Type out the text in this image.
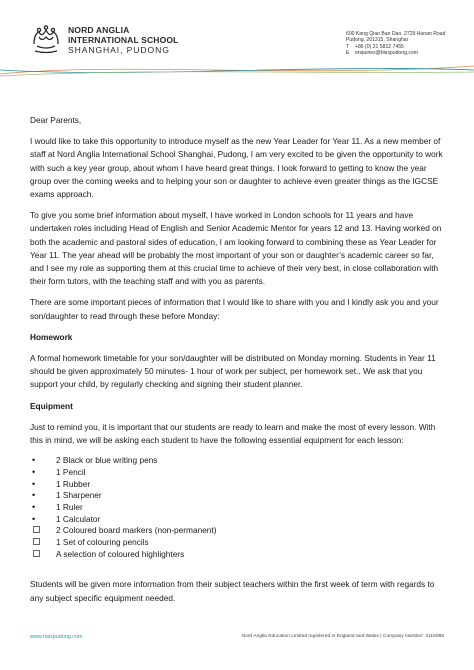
NORD ANGLIA
INTERNATIONAL SCHOOL
SHANGHAI, PUDONG
600 Kang Qiao Ban Dao, 2729 Hunan Road
Pudong, 201315, Shanghai
T +86 (0) 21 5812 7455
E enquiries@bisspudong.com

Dear Parents,

I would like to take this opportunity to introduce myself as the new Year Leader for Year 11. As a new member of staff at Nord Anglia International School Shanghai, Pudong, I am very excited to be given the opportunity to work with such a key year group, about whom I have heard great things. I look forward to getting to know the year group over the coming weeks and to helping your son or daughter to achieve even greater things as the IGCSE exams approach.

To give you some brief information about myself, I have worked in London schools for 11 years and have undertaken roles including Head of English and Senior Academic Mentor for years 12 and 13. Having worked on both the academic and pastoral sides of education, I am looking forward to combining these as Year Leader for Year 11. The year ahead will be probably the most important of your son or daughter’s academic career so far, and I see my role as supporting them at this crucial time to achieve of their very best, in close collaboration with their form tutors, with the teaching staff and with you as parents.

There are some important pieces of information that I would like to share with you and I kindly ask you and your son/daughter to read through these before Monday:

Homework

A formal homework timetable for your son/daughter will be distributed on Monday morning. Students in Year 11 should be given approximately 50 minutes- 1 hour of work per subject, per homework set.. We ask that you support your child, by regularly checking and signing their student planner.

Equipment

Just to remind you, it is important that our students are ready to learn and make the most of every lesson. With this in mind, we will be asking each student to have the following essential equipment for each lesson:

•	2 Black or blue writing pens
•	1 Pencil
•	1 Rubber
•	1 Sharpener
•	1 Ruler
•	1 Calculator
2 Coloured board markers (non-permanent)
1 Set of colouring pencils
A selection of coloured highlighters

Students will be given more information from their subject teachers within the first week of term with regards to any subject specific equipment needed.

www.naispudong.com	Nord Anglia Education Limited registered in England and Wales | Company Number: 2116088
